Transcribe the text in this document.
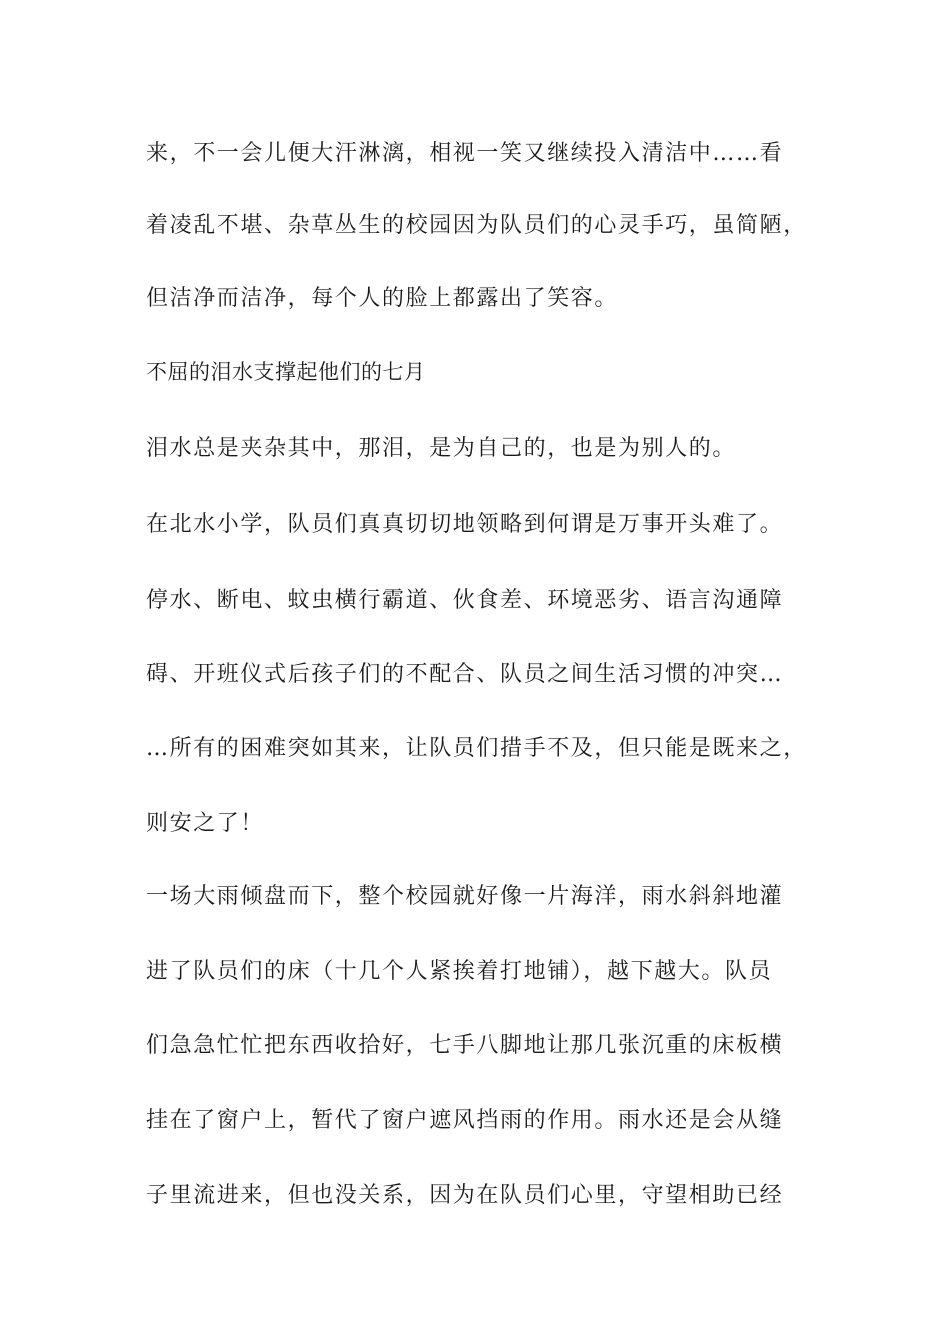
来，不一会儿便大汗淋漓，相视一笑又继续投入清洁中……看
着凌乱不堪、杂草丛生的校园因为队员们的心灵手巧，虽简陋，
但洁净而洁净，每个人的脸上都露出了笑容。
不屈的泪水支撑起他们的七月
泪水总是夹杂其中，那泪，是为自己的，也是为别人的。
在北水小学，队员们真真切切地领略到何谓是万事开头难了。
停水、断电、蚊虫横行霸道、伙食差、环境恶劣、语言沟通障
碍、开班仪式后孩子们的不配合、队员之间生活习惯的冲突…
…所有的困难突如其来，让队员们措手不及，但只能是既来之，
则安之了！
一场大雨倾盘而下，整个校园就好像一片海洋，雨水斜斜地灌
进了队员们的床（十几个人紧挨着打地铺），越下越大。队员
们急急忙忙把东西收拾好，七手八脚地让那几张沉重的床板横
挂在了窗户上，暂代了窗户遮风挡雨的作用。雨水还是会从缝
子里流进来，但也没关系，因为在队员们心里，守望相助已经
